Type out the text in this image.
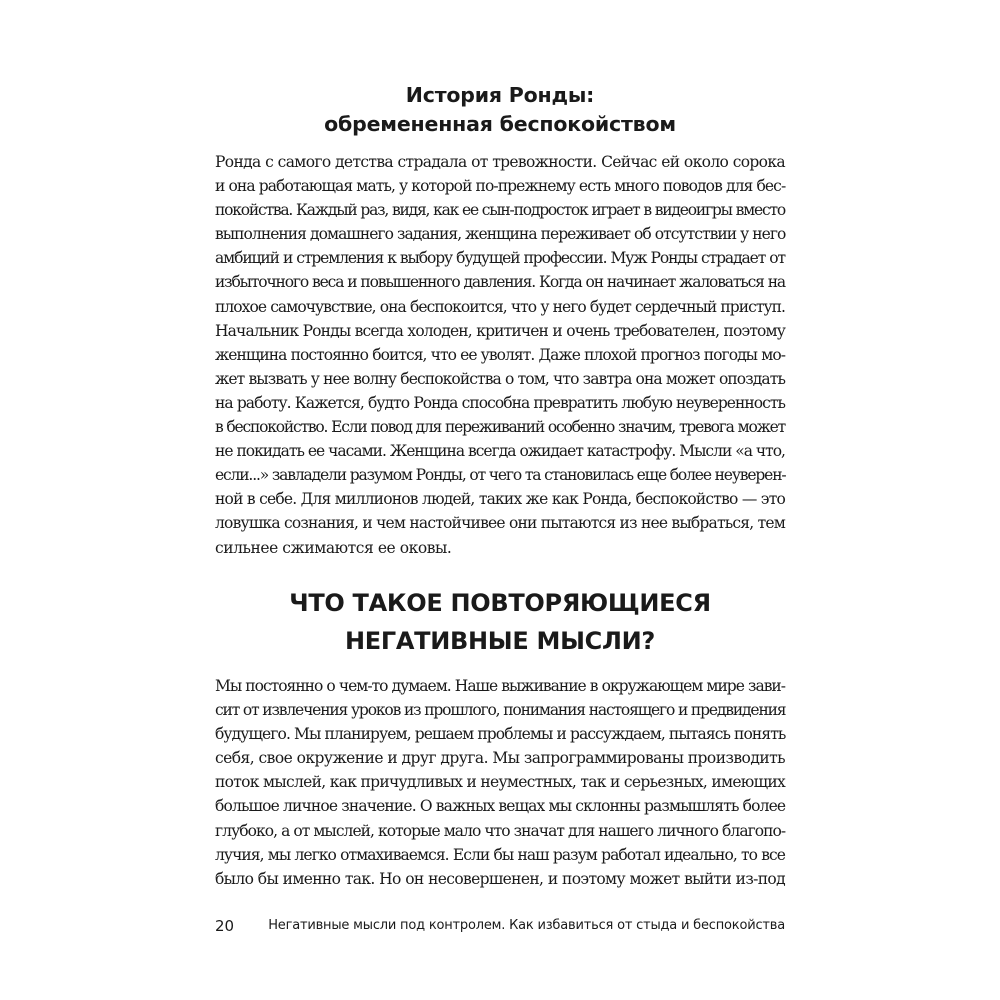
История Ронды:
обремененная беспокойством
Ронда с самого детства страдала от тревожности. Сейчас ей около сорока
и она работающая мать, у которой по-прежнему есть много поводов для бес-
покойства. Каждый раз, видя, как ее сын-подросток играет в видеоигры вместо
выполнения домашнего задания, женщина переживает об отсутствии у него
амбиций и стремления к выбору будущей профессии. Муж Ронды страдает от
избыточного веса и повышенного давления. Когда он начинает жаловаться на
плохое самочувствие, она беспокоится, что у него будет сердечный приступ.
Начальник Ронды всегда холоден, критичен и очень требователен, поэтому
женщина постоянно боится, что ее уволят. Даже плохой прогноз погоды мо-
жет вызвать у нее волну беспокойства о том, что завтра она может опоздать
на работу. Кажется, будто Ронда способна превратить любую неуверенность
в беспокойство. Если повод для переживаний особенно значим, тревога может
не покидать ее часами. Женщина всегда ожидает катастрофу. Мысли «а что,
если...» завладели разумом Ронды, от чего та становилась еще более неуверен-
ной в себе. Для миллионов людей, таких же как Ронда, беспокойство — это
ловушка сознания, и чем настойчивее они пытаются из нее выбраться, тем
сильнее сжимаются ее оковы.
ЧТО ТАКОЕ ПОВТОРЯЮЩИЕСЯ
НЕГАТИВНЫЕ МЫСЛИ?
Мы постоянно о чем-то думаем. Наше выживание в окружающем мире зави-
сит от извлечения уроков из прошлого, понимания настоящего и предвидения
будущего. Мы планируем, решаем проблемы и рассуждаем, пытаясь понять
себя, свое окружение и друг друга. Мы запрограммированы производить
поток мыслей, как причудливых и неуместных, так и серьезных, имеющих
большое личное значение. О важных вещах мы склонны размышлять более
глубоко, а от мыслей, которые мало что значат для нашего личного благопо-
лучия, мы легко отмахиваемся. Если бы наш разум работал идеально, то все
было бы именно так. Но он несовершенен, и поэтому может выйти из-под
20	Негативные мысли под контролем. Как избавиться от стыда и беспокойства
